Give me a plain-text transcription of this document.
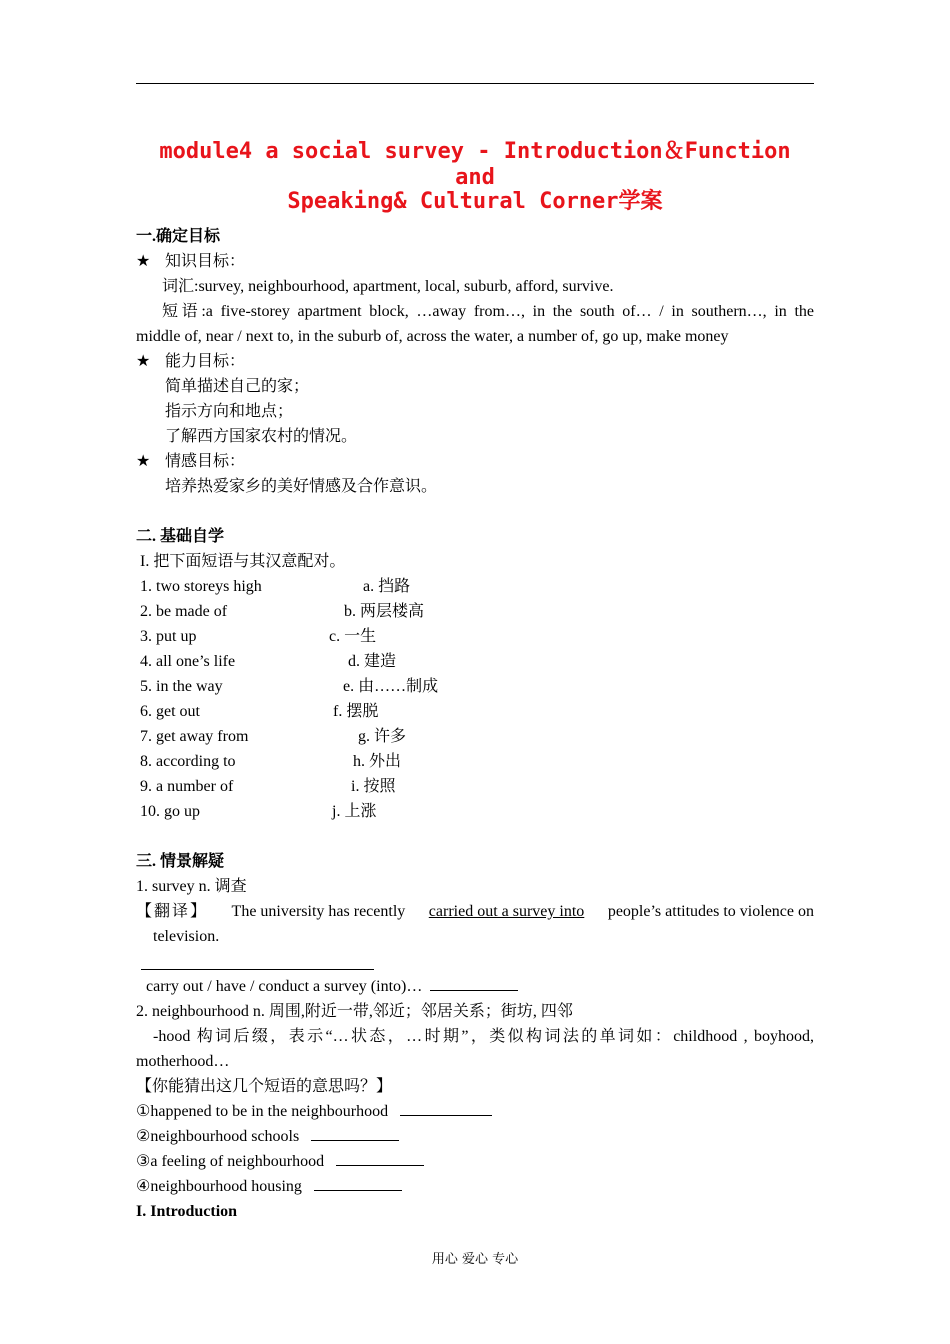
module4 a social survey - Introduction＆Function and
Speaking& Cultural Corner学案
一.确定目标
★ 知识目标：
词汇:survey, neighbourhood, apartment, local, suburb, afford, survive.
短语:a five-storey apartment block, …away from…, in the south of… / in southern…, in the
middle of, near / next to, in the suburb of, across the water, a number of, go up, make money
★ 能力目标：
简单描述自己的家；
指示方向和地点；
了解西方国家农村的情况。
★ 情感目标：
培养热爱家乡的美好情感及合作意识。
二. 基础自学
I. 把下面短语与其汉意配对。
1. two storeys high	a. 挡路
2. be made of	b. 两层楼高
3. put up	c. 一生
4. all one’s life	d. 建造
5. in the way	e. 由……制成
6. get out	f. 摆脱
7. get away from	g. 许多
8. according to	h. 外出
9. a number of	i. 按照
10. go up	j. 上涨
三. 情景解疑
1. survey n. 调查
【翻译】 The university has recently carried out a survey into people’s attitudes to violence on
television.
carry out / have / conduct a survey (into)…
2. neighbourhood n. 周围,附近一带,邻近；邻居关系；街坊, 四邻
-hood 构词后缀，表示“…状态，…时期”，类似构词法的单词如：childhood , boyhood,
motherhood…
【你能猜出这几个短语的意思吗？】
①happened to be in the neighbourhood
②neighbourhood schools
③a feeling of neighbourhood
④neighbourhood housing
I. Introduction
用心 爱心 专心
